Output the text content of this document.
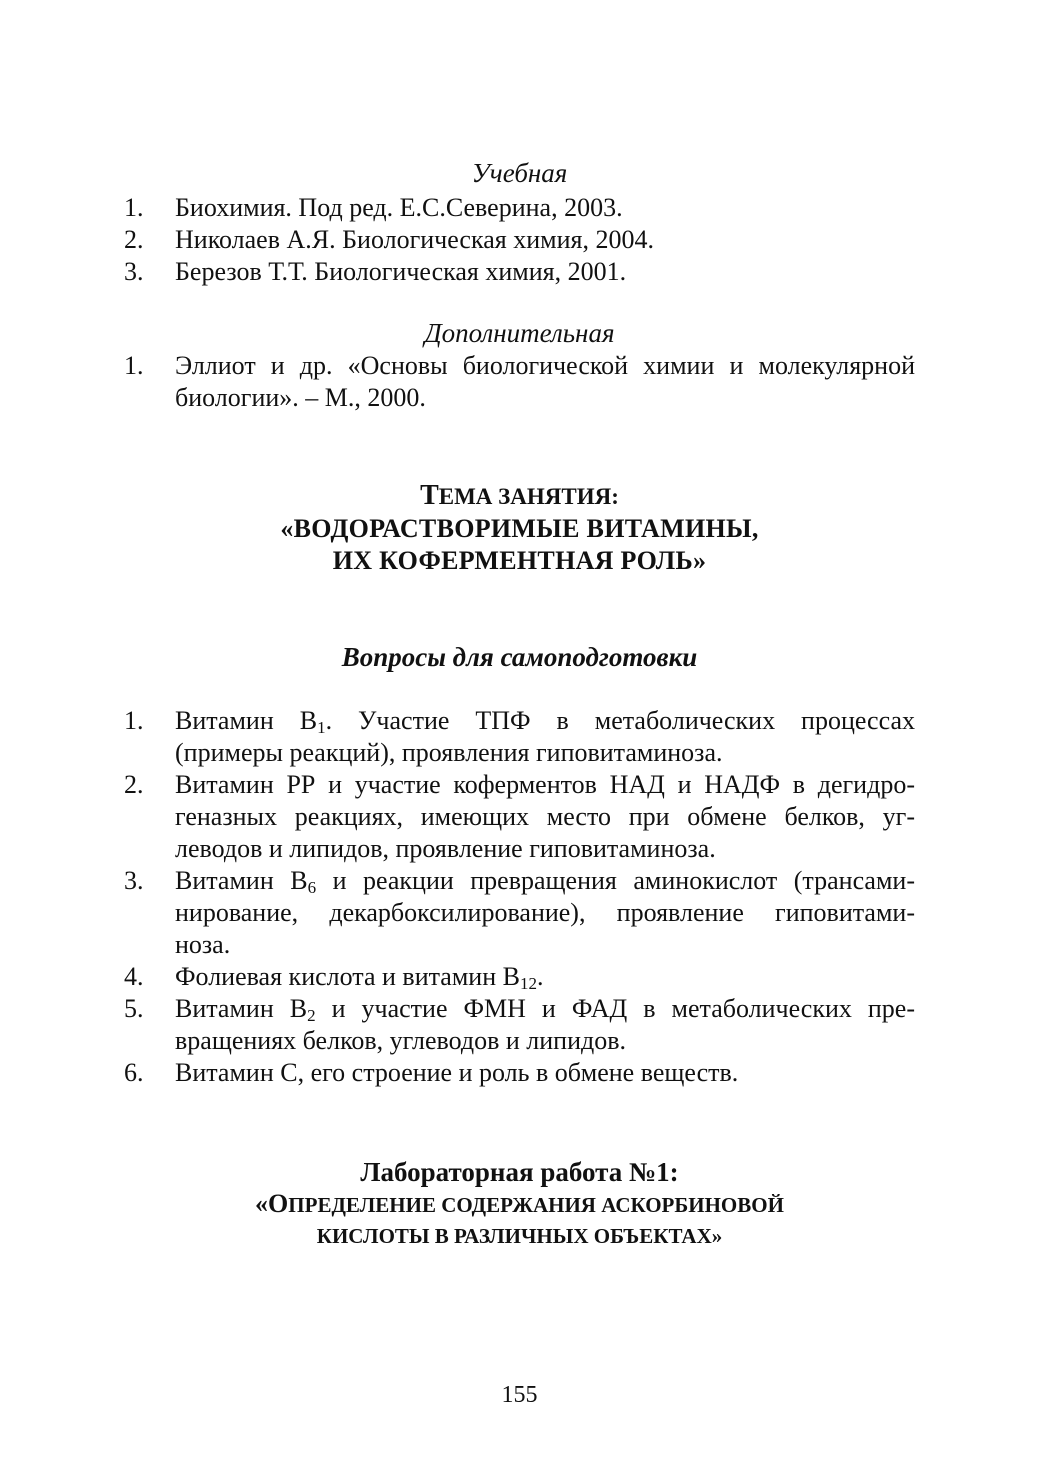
Учебная
1. Биохимия. Под ред. Е.С.Северина, 2003.
2. Николаев А.Я. Биологическая химия, 2004.
3. Березов Т.Т. Биологическая химия, 2001.
Дополнительная
1. Эллиот и др. «Основы биологической химии и молекулярной
биологии». – М., 2000.
ТЕМА ЗАНЯТИЯ:
«ВОДОРАСТВОРИМЫЕ ВИТАМИНЫ,
ИХ КОФЕРМЕНТНАЯ РОЛЬ»
Вопросы для самоподготовки
1. Витамин $В_1$. Участие ТПФ в метаболических процессах
(примеры реакций), проявления гиповитаминоза.
2. Витамин РР и участие коферментов НАД и НАДФ в дегидро-
геназных реакциях, имеющих место при обмене белков, уг-
леводов и липидов, проявление гиповитаминоза.
3. Витамин $В_6$ и реакции превращения аминокислот (трансами-
нирование, декарбоксилирование), проявление гиповитами-
ноза.
4. Фолиевая кислота и витамин $В_{12}$.
5. Витамин $В_2$ и участие ФМН и ФАД в метаболических пре-
вращениях белков, углеводов и липидов.
6. Витамин С, его строение и роль в обмене веществ.
Лабораторная работа №1:
«ОПРЕДЕЛЕНИЕ СОДЕРЖАНИЯ АСКОРБИНОВОЙ
КИСЛОТЫ В РАЗЛИЧНЫХ ОБЪЕКТАХ»
155
